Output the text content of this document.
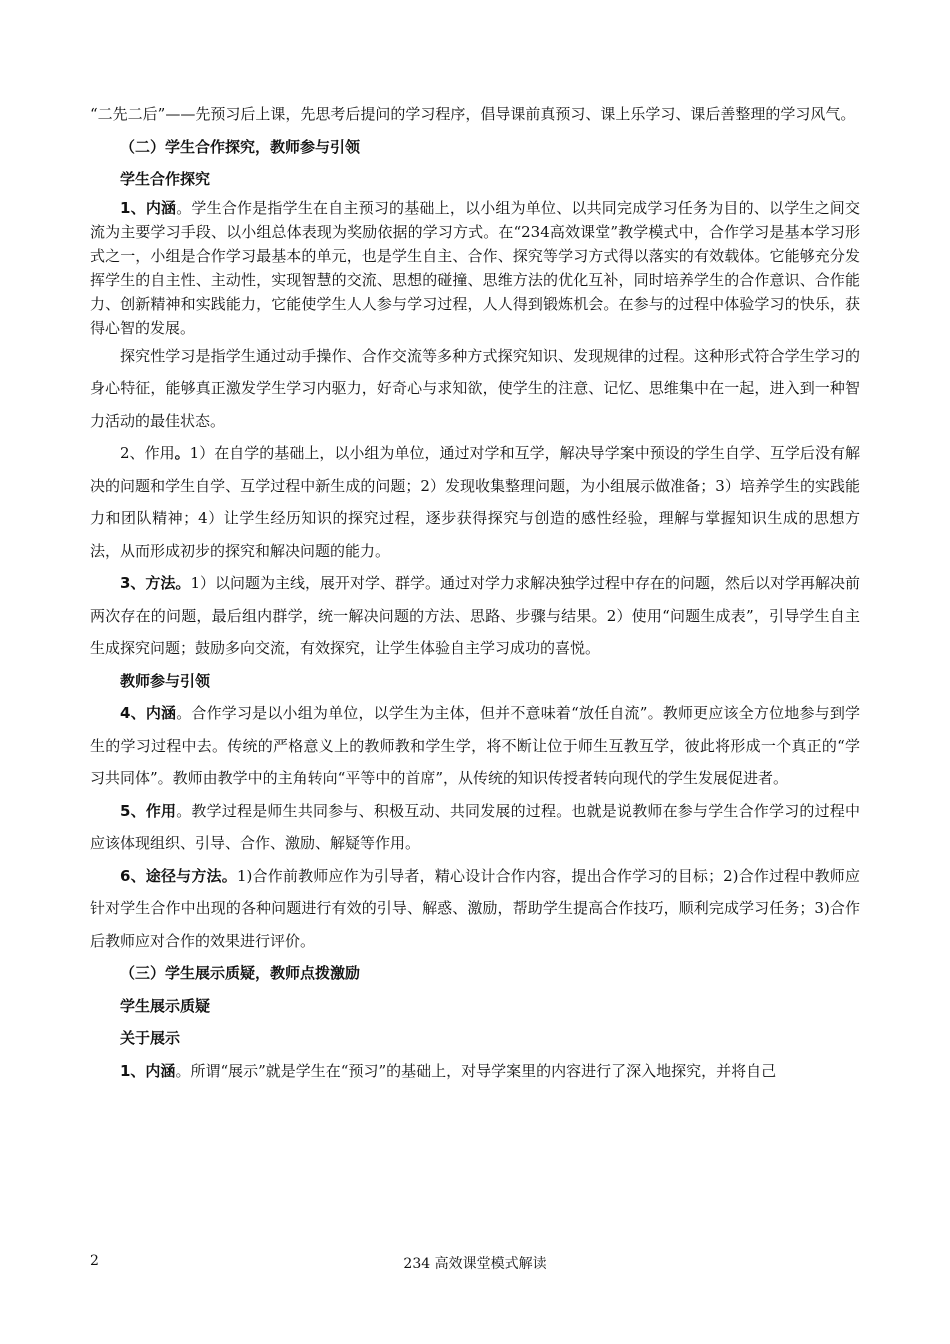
“二先二后”——先预习后上课，先思考后提问的学习程序，倡导课前真预习、课上乐学习、课后善整理的学习风气。

（二）学生合作探究，教师参与引领

学生合作探究

1、内涵。学生合作是指学生在自主预习的基础上，以小组为单位、以共同完成学习任务为目的、以学生之间交流为主要学习手段、以小组总体表现为奖励依据的学习方式。在“234高效课堂”教学模式中，合作学习是基本学习形式之一，小组是合作学习最基本的单元，也是学生自主、合作、探究等学习方式得以落实的有效载体。它能够充分发挥学生的自主性、主动性，实现智慧的交流、思想的碰撞、思维方法的优化互补，同时培养学生的合作意识、合作能力、创新精神和实践能力，它能使学生人人参与学习过程，人人得到锻炼机会。在参与的过程中体验学习的快乐，获得心智的发展。

探究性学习是指学生通过动手操作、合作交流等多种方式探究知识、发现规律的过程。这种形式符合学生学习的身心特征，能够真正激发学生学习内驱力，好奇心与求知欲，使学生的注意、记忆、思维集中在一起，进入到一种智力活动的最佳状态。

2、作用。1）在自学的基础上，以小组为单位，通过对学和互学，解决导学案中预设的学生自学、互学后没有解决的问题和学生自学、互学过程中新生成的问题；2）发现收集整理问题，为小组展示做准备；3）培养学生的实践能力和团队精神；4）让学生经历知识的探究过程，逐步获得探究与创造的感性经验，理解与掌握知识生成的思想方法，从而形成初步的探究和解决问题的能力。

3、方法。1）以问题为主线，展开对学、群学。通过对学力求解决独学过程中存在的问题，然后以对学再解决前两次存在的问题，最后组内群学，统一解决问题的方法、思路、步骤与结果。2）使用“问题生成表”，引导学生自主生成探究问题；鼓励多向交流，有效探究，让学生体验自主学习成功的喜悦。

教师参与引领

4、内涵。合作学习是以小组为单位，以学生为主体，但并不意味着“放任自流”。教师更应该全方位地参与到学生的学习过程中去。传统的严格意义上的教师教和学生学，将不断让位于师生互教互学，彼此将形成一个真正的“学习共同体”。教师由教学中的主角转向“平等中的首席”，从传统的知识传授者转向现代的学生发展促进者。

5、作用。教学过程是师生共同参与、积极互动、共同发展的过程。也就是说教师在参与学生合作学习的过程中应该体现组织、引导、合作、激励、解疑等作用。

6、途径与方法。1)合作前教师应作为引导者，精心设计合作内容，提出合作学习的目标；2)合作过程中教师应针对学生合作中出现的各种问题进行有效的引导、解惑、激励，帮助学生提高合作技巧，顺利完成学习任务；3)合作后教师应对合作的效果进行评价。

（三）学生展示质疑，教师点拨激励

学生展示质疑

关于展示

1、内涵。所谓“展示”就是学生在“预习”的基础上，对导学案里的内容进行了深入地探究，并将自己

2	234 高效课堂模式解读
